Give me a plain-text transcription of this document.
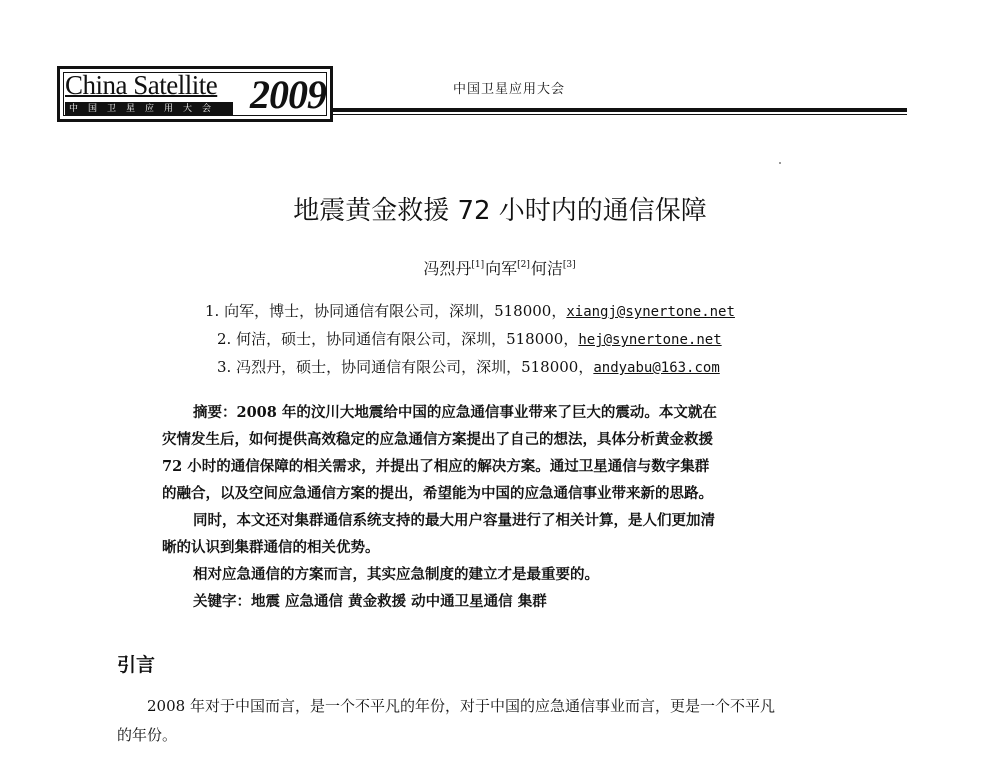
China Satellite
中国卫星应用大会 2009	中国卫星应用大会
地震黄金救援 72 小时内的通信保障
冯烈丹[1]向军[2]何洁[3]
1. 向军，博士，协同通信有限公司，深圳，518000，xiangj@synertone.net
2. 何洁，硕士，协同通信有限公司，深圳，518000，hej@synertone.net
3. 冯烈丹，硕士，协同通信有限公司，深圳，518000，andyabu@163.com
摘要：2008 年的汶川大地震给中国的应急通信事业带来了巨大的震动。本文就在
灾情发生后，如何提供高效稳定的应急通信方案提出了自己的想法，具体分析黄金救援
72 小时的通信保障的相关需求，并提出了相应的解决方案。通过卫星通信与数字集群
的融合，以及空间应急通信方案的提出，希望能为中国的应急通信事业带来新的思路。
同时，本文还对集群通信系统支持的最大用户容量进行了相关计算，是人们更加清
晰的认识到集群通信的相关优势。
相对应急通信的方案而言，其实应急制度的建立才是最重要的。
关键字：地震 应急通信 黄金救援 动中通卫星通信 集群
引言
2008 年对于中国而言，是一个不平凡的年份，对于中国的应急通信事业而言，更是一个不平凡
的年份。
